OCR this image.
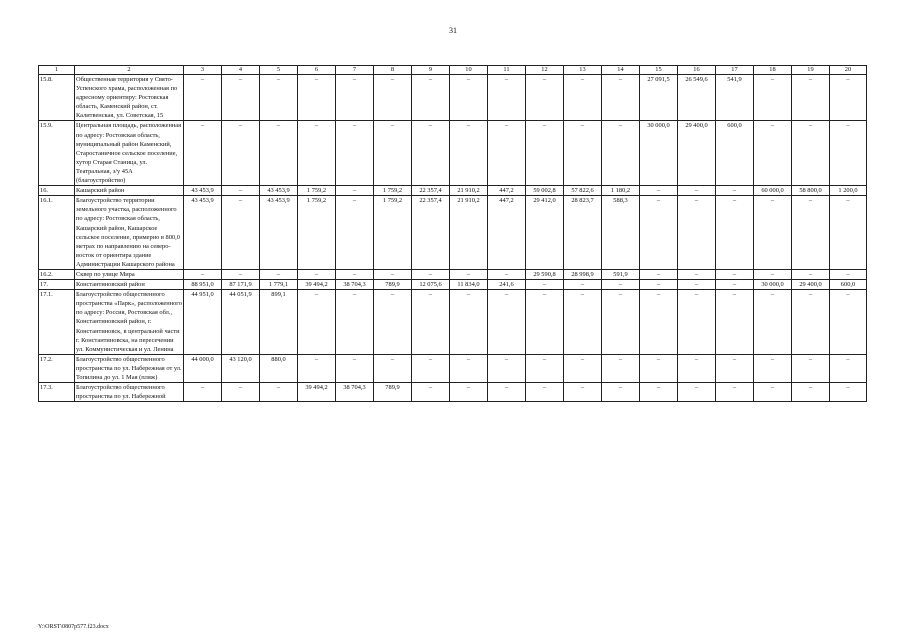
31
1	2	3	4	5	6	7	8	9	10	11	12	13	14	15	16	17	18	19	20
15.8.	Общественная территория у Свято-Успенского храма, расположенная по адресному ориентиру: Ростовская область, Каменский район, ст. Калитвенская, ул. Советская, 15	–	–	–	–	–	–	–	–	–	–	–	–	27 091,5	26 549,6	541,9	–	–	–
15.9.	Центральная площадь, расположенная по адресу: Ростовская область, муниципальный район Каменский, Старостаничное сельское поселение, хутор Старая Станица, ул. Театральная, з/у 45А (благоустройство)	–	–	–	–	–	–	–	–	–	–	–	–	30 000,0	29 400,0	600,0	–	–	–
16.	Кашарский район	43 453,9	–	43 453,9	1 759,2	–	1 759,2	22 357,4	21 910,2	447,2	59 002,8	57 822,6	1 180,2	–	–	–	60 000,0	58 800,0	1 200,0
16.1.	Благоустройство территории земельного участка, расположенного по адресу: Ростовская область, Кашарский район, Кашарское сельское поселение, примерно в 800,0 метрах по направлению на северо-восток от ориентира здание Администрации Кашарского района	43 453,9	–	43 453,9	1 759,2	–	1 759,2	22 357,4	21 910,2	447,2	29 412,0	28 823,7	588,3	–	–	–	–	–	–
16.2.	Сквер по улице Мира	–	–	–	–	–	–	–	–	–	29 590,8	28 998,9	591,9	–	–	–	–	–	–
17.	Константиновский район	88 951,0	87 171,9	1 779,1	39 494,2	38 704,3	789,9	12 075,6	11 834,0	241,6	–	–	–	–	–	–	30 000,0	29 400,0	600,0
17.1.	Благоустройство общественного пространства «Парк», расположенного по адресу: Россия, Ростовская обл., Константиновский район, г. Константиновск, в центральной части г. Константиновска, на пересечении ул. Коммунистическая и ул. Ленина	44 951,0	44 051,9	899,1	–	–	–	–	–	–	–	–	–	–	–	–	–	–	–
17.2.	Благоустройство общественного пространства по ул. Набережная от ул. Топилина до ул. 1 Мая (пляж)	44 000,0	43 120,0	880,0	–	–	–	–	–	–	–	–	–	–	–	–	–	–	–
17.3.	Благоустройство общественного пространства по ул. Набережной	–	–	–	39 494,2	38 704,3	789,9	–	–	–	–	–	–	–	–	–	–	–	–
Y:\ORST\0807p577.f23.docx
